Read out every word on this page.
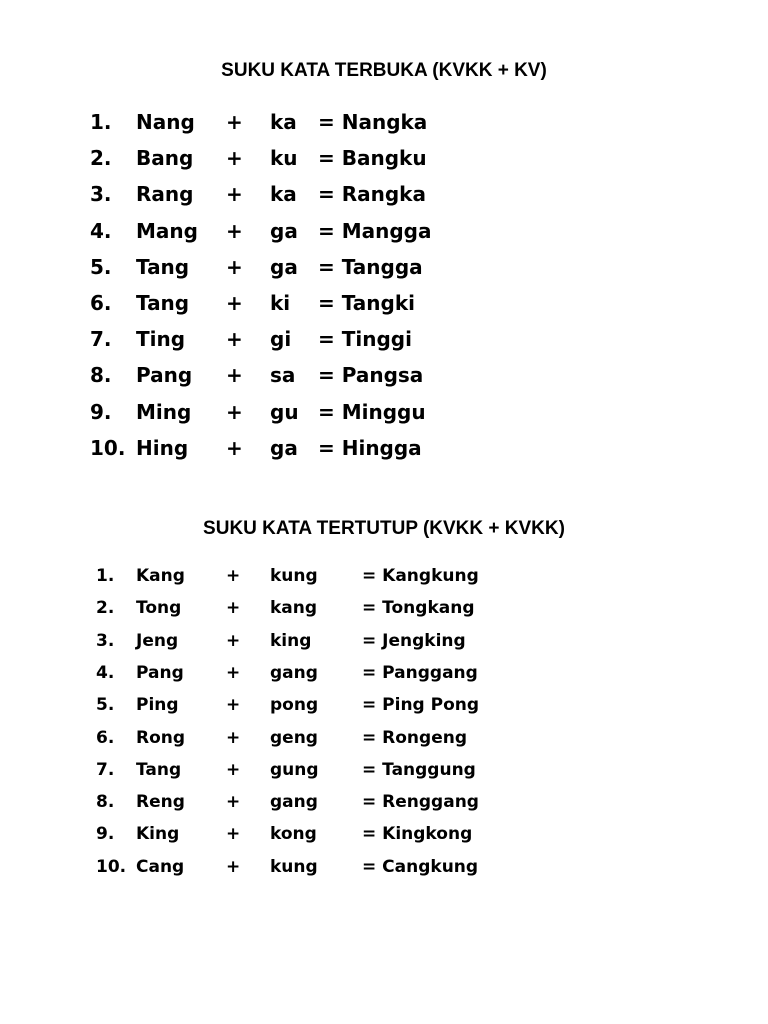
SUKU KATA TERBUKA (KVKK + KV)
1. Nang + ka = Nangka
2. Bang + ku = Bangku
3. Rang + ka = Rangka
4. Mang + ga = Mangga
5. Tang + ga = Tangga
6. Tang + ki = Tangki
7. Ting + gi = Tinggi
8. Pang + sa = Pangsa
9. Ming + gu = Minggu
10. Hing + ga = Hingga
SUKU KATA TERTUTUP (KVKK + KVKK)
1. Kang + kung	= Kangkung
2. Tong	+ kang	= Tongkang
3. Jeng	+ king	= Jengking
4. Pang + gang	= Panggang
5. Ping	+ pong	= Ping Pong
6. Rong + geng	= Rongeng
7. Tang	+ gung	= Tanggung
8. Reng + gang	= Renggang
9. King	+ kong	= Kingkong
10. Cang + kung	= Cangkung
